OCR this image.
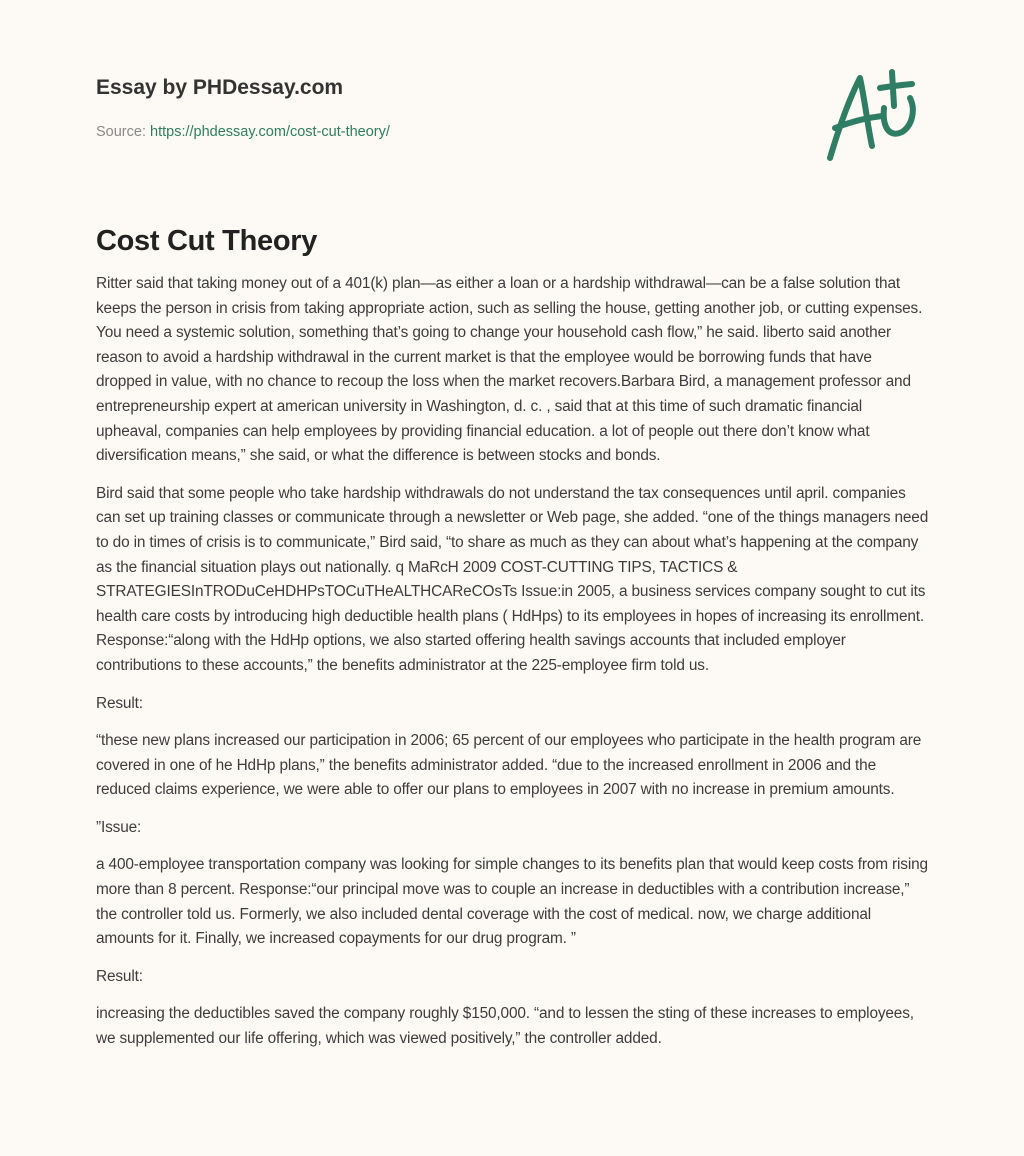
Essay by PHDessay.com
Source: https://phdessay.com/cost-cut-theory/
Cost Cut Theory

Ritter said that taking money out of a 401(k) plan—as either a loan or a hardship withdrawal—can be a false solution that keeps the person in crisis from taking appropriate action, such as selling the house, getting another job, or cutting expenses. You need a systemic solution, something that’s going to change your household cash flow,” he said. liberto said another reason to avoid a hardship withdrawal in the current market is that the employee would be borrowing funds that have dropped in value, with no chance to recoup the loss when the market recovers.Barbara Bird, a management professor and entrepreneurship expert at american university in Washington, d. c. , said that at this time of such dramatic financial upheaval, companies can help employees by providing financial education. a lot of people out there don’t know what diversification means,” she said, or what the difference is between stocks and bonds.

Bird said that some people who take hardship withdrawals do not understand the tax consequences until april. companies can set up training classes or communicate through a newsletter or Web page, she added. “one of the things managers need to do in times of crisis is to communicate,” Bird said, “to share as much as they can about what’s happening at the company as the financial situation plays out nationally. q MaRcH 2009 COST-CUTTING TIPS, TACTICS & STRATEGIESInTRODuCeHDHPsTOCuTHeALTHCAReCOsTs Issue:in 2005, a business services company sought to cut its health care costs by introducing high deductible health plans ( HdHps) to its employees in hopes of increasing its enrollment. Response:“along with the HdHp options, we also started offering health savings accounts that included employer contributions to these accounts,” the benefits administrator at the 225-employee firm told us.

Result:

“these new plans increased our participation in 2006; 65 percent of our employees who participate in the health program are covered in one of he HdHp plans,” the benefits administrator added. “due to the increased enrollment in 2006 and the reduced claims experience, we were able to offer our plans to employees in 2007 with no increase in premium amounts.

”Issue:

a 400-employee transportation company was looking for simple changes to its benefits plan that would keep costs from rising more than 8 percent. Response:“our principal move was to couple an increase in deductibles with a contribution increase,” the controller told us. Formerly, we also included dental coverage with the cost of medical. now, we charge additional amounts for it. Finally, we increased copayments for our drug program. ”

Result:

increasing the deductibles saved the company roughly $150,000. “and to lessen the sting of these increases to employees, we supplemented our life offering, which was viewed positively,” the controller added.
